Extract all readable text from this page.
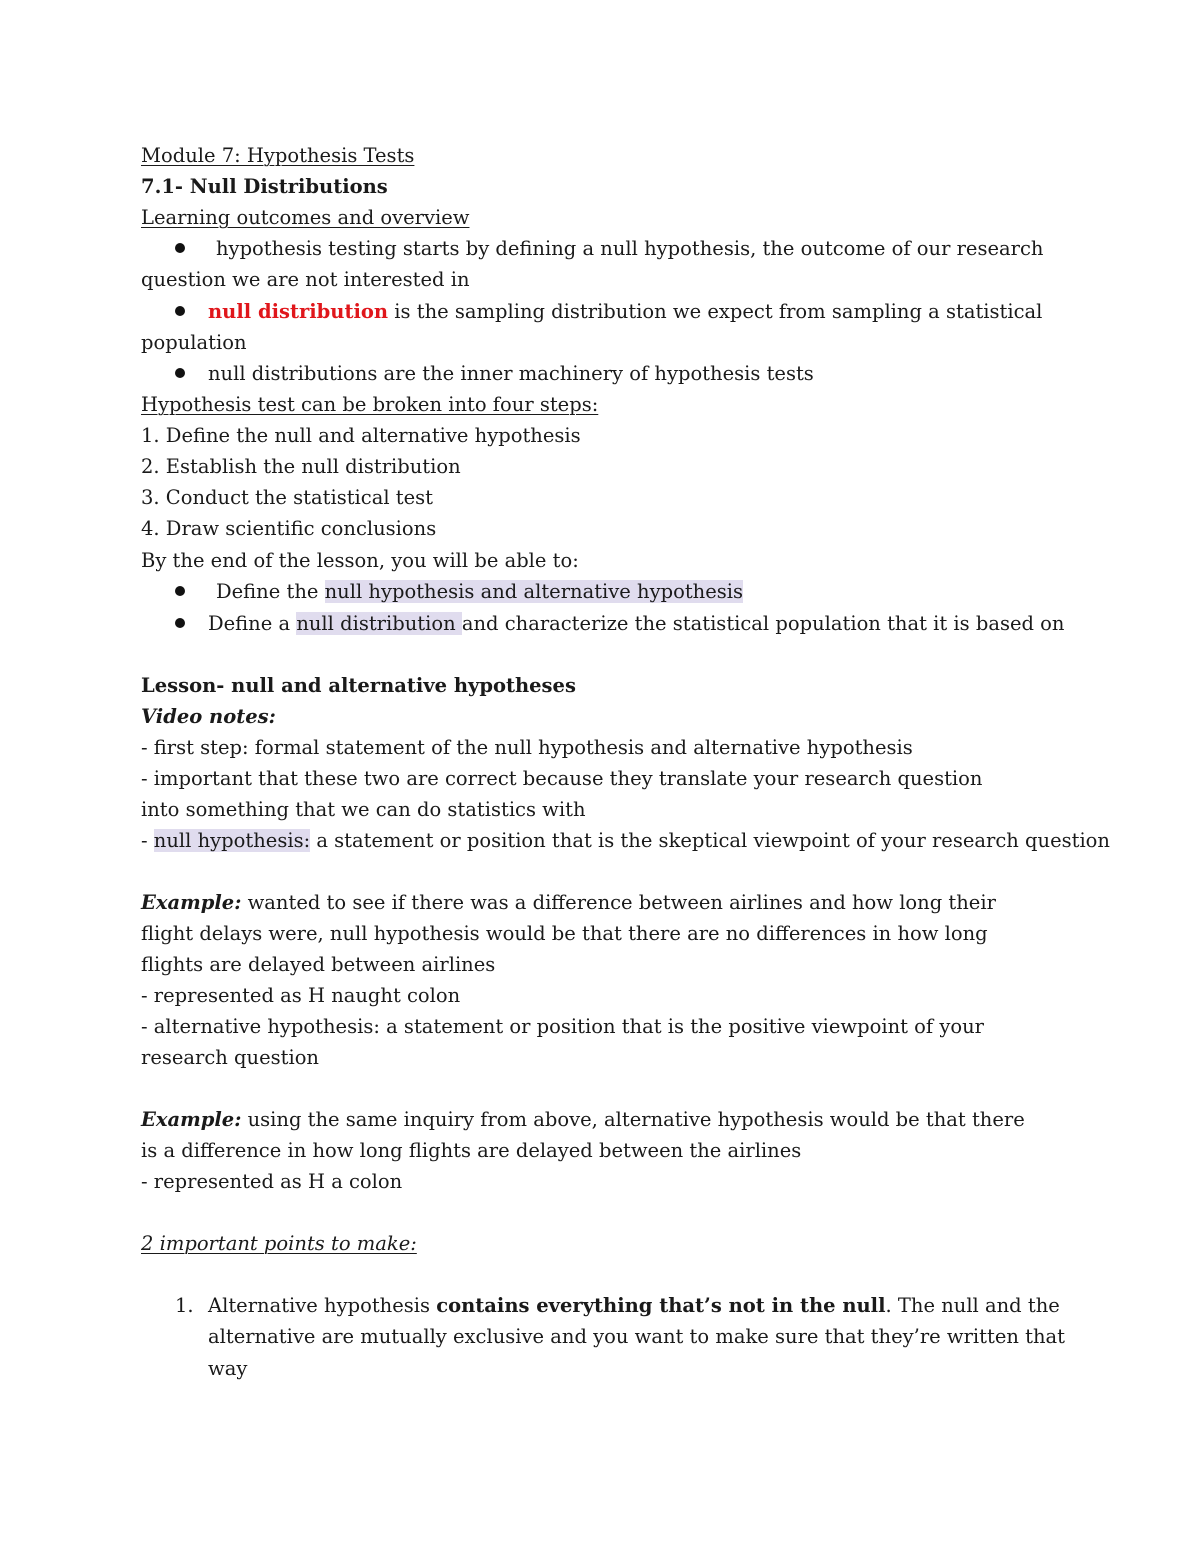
Module 7: Hypothesis Tests
7.1- Null Distributions
Learning outcomes and overview
hypothesis testing starts by defining a null hypothesis, the outcome of our research
question we are not interested in
null distribution is the sampling distribution we expect from sampling a statistical
population
null distributions are the inner machinery of hypothesis tests
Hypothesis test can be broken into four steps:
1. Define the null and alternative hypothesis
2. Establish the null distribution
3. Conduct the statistical test
4. Draw scientific conclusions
By the end of the lesson, you will be able to:
Define the null hypothesis and alternative hypothesis
Define a null distribution and characterize the statistical population that it is based on
Lesson- null and alternative hypotheses
Video notes:
- first step: formal statement of the null hypothesis and alternative hypothesis
- important that these two are correct because they translate your research question
into something that we can do statistics with
- null hypothesis: a statement or position that is the skeptical viewpoint of your research question
Example: wanted to see if there was a difference between airlines and how long their
flight delays were, null hypothesis would be that there are no differences in how long
flights are delayed between airlines
- represented as H naught colon
- alternative hypothesis: a statement or position that is the positive viewpoint of your
research question
Example: using the same inquiry from above, alternative hypothesis would be that there
is a difference in how long flights are delayed between the airlines
- represented as H a colon
2 important points to make:
1. Alternative hypothesis contains everything that’s not in the null. The null and the
alternative are mutually exclusive and you want to make sure that they’re written that
way
